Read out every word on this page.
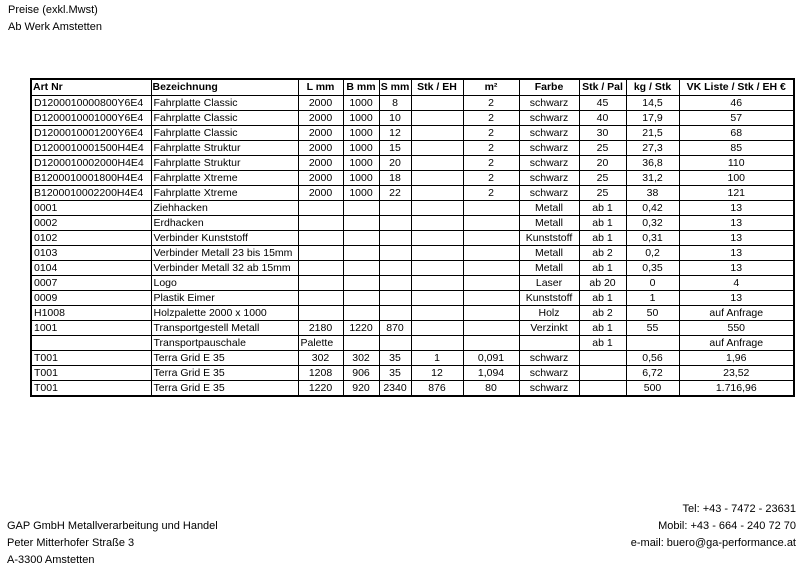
Preise (exkl.Mwst)
Ab Werk Amstetten
Art Nr	Bezeichnung	L mm	B mm	S mm	Stk / EH	m²	Farbe	Stk / Pal	kg / Stk	VK Liste / Stk / EH €
D1200010000800Y6E4	Fahrplatte Classic	2000	1000	8		2	schwarz	45	14,5	46
D1200010001000Y6E4	Fahrplatte Classic	2000	1000	10		2	schwarz	40	17,9	57
D1200010001200Y6E4	Fahrplatte Classic	2000	1000	12		2	schwarz	30	21,5	68
D1200010001500H4E4	Fahrplatte Struktur	2000	1000	15		2	schwarz	25	27,3	85
D1200010002000H4E4	Fahrplatte Struktur	2000	1000	20		2	schwarz	20	36,8	110
B1200010001800H4E4	Fahrplatte Xtreme	2000	1000	18		2	schwarz	25	31,2	100
B1200010002200H4E4	Fahrplatte Xtreme	2000	1000	22		2	schwarz	25	38	121
0001	Ziehhacken						Metall	ab 1	0,42	13
0002	Erdhacken						Metall	ab 1	0,32	13
0102	Verbinder Kunststoff						Kunststoff	ab 1	0,31	13
0103	Verbinder Metall 23 bis 15mm						Metall	ab 2	0,2	13
0104	Verbinder Metall 32 ab 15mm						Metall	ab 1	0,35	13
0007	Logo						Laser	ab 20	0	4
0009	Plastik Eimer						Kunststoff	ab 1	1	13
H1008	Holzpalette 2000 x 1000						Holz	ab 2	50	auf Anfrage
1001	Transportgestell Metall	2180	1220	870			Verzinkt	ab 1	55	550
	Transportpauschale	Palette						ab 1		auf Anfrage
T001	Terra Grid E 35	302	302	35	1	0,091	schwarz		0,56	1,96
T001	Terra Grid E 35	1208	906	35	12	1,094	schwarz		6,72	23,52
T001	Terra Grid E 35	1220	920	2340	876	80	schwarz		500	1.716,96
GAP GmbH Metallverarbeitung und Handel
Peter Mitterhofer Straße 3
A-3300 Amstetten
Tel: +43 - 7472 - 23631
Mobil: +43 - 664 - 240 72 70
e-mail: buero@ga-performance.at
